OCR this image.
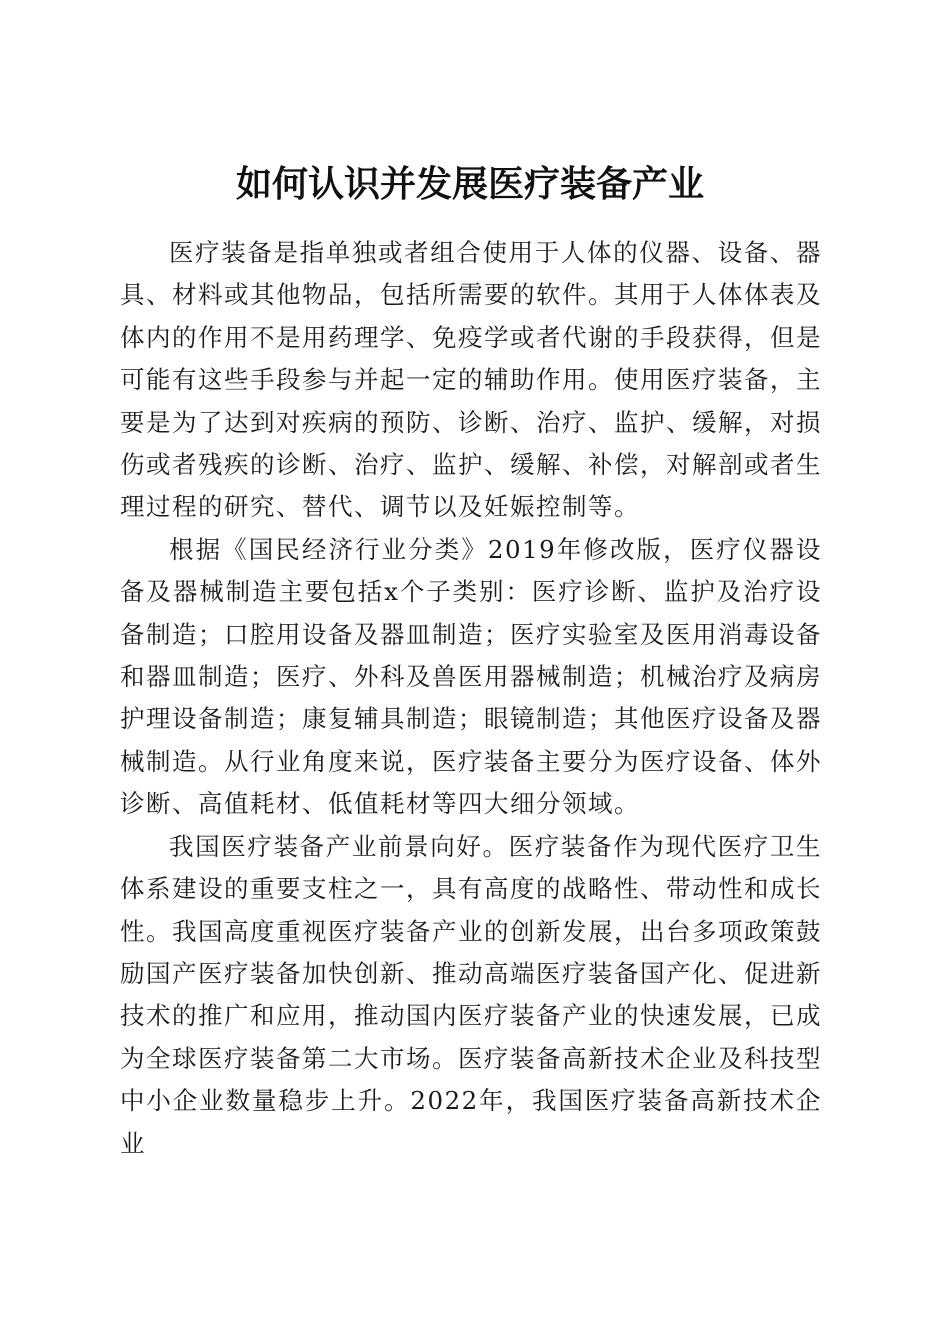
如何认识并发展医疗装备产业

医疗装备是指单独或者组合使用于人体的仪器、设备、器具、材料或其他物品，包括所需要的软件。其用于人体体表及体内的作用不是用药理学、免疫学或者代谢的手段获得，但是可能有这些手段参与并起一定的辅助作用。使用医疗装备，主要是为了达到对疾病的预防、诊断、治疗、监护、缓解，对损伤或者残疾的诊断、治疗、监护、缓解、补偿，对解剖或者生理过程的研究、替代、调节以及妊娠控制等。

根据《国民经济行业分类》2019年修改版，医疗仪器设备及器械制造主要包括x个子类别：医疗诊断、监护及治疗设备制造；口腔用设备及器皿制造；医疗实验室及医用消毒设备和器皿制造；医疗、外科及兽医用器械制造；机械治疗及病房护理设备制造；康复辅具制造；眼镜制造；其他医疗设备及器械制造。从行业角度来说，医疗装备主要分为医疗设备、体外诊断、高值耗材、低值耗材等四大细分领域。

我国医疗装备产业前景向好。医疗装备作为现代医疗卫生体系建设的重要支柱之一，具有高度的战略性、带动性和成长性。我国高度重视医疗装备产业的创新发展，出台多项政策鼓励国产医疗装备加快创新、推动高端医疗装备国产化、促进新技术的推广和应用，推动国内医疗装备产业的快速发展，已成为全球医疗装备第二大市场。医疗装备高新技术企业及科技型中小企业数量稳步上升。2022年，我国医疗装备高新技术企业
